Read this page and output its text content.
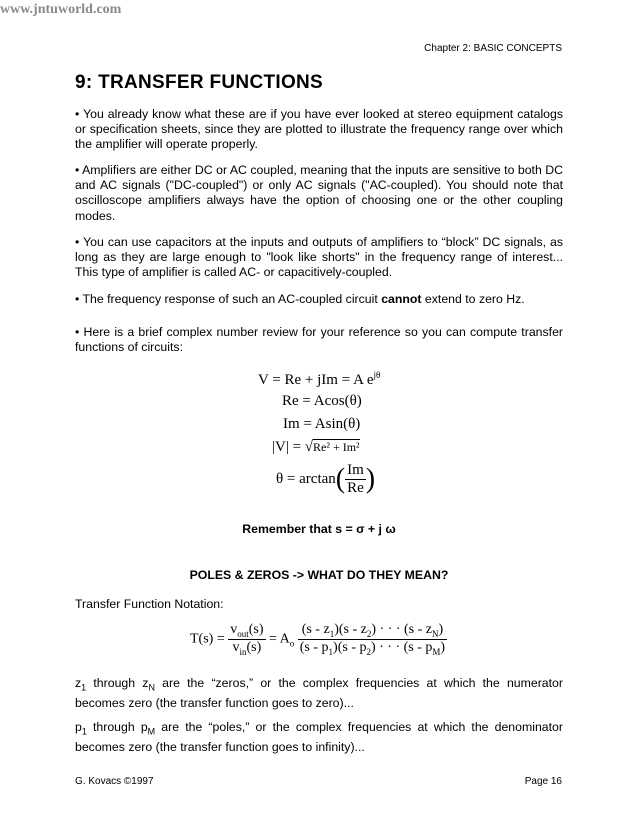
www.jntuworld.com
Chapter 2: BASIC CONCEPTS
9: TRANSFER FUNCTIONS

• You already know what these are if you have ever looked at stereo equipment catalogs or specification sheets, since they are plotted to illustrate the frequency range over which the amplifier will operate properly.

• Amplifiers are either DC or AC coupled, meaning that the inputs are sensitive to both DC and AC signals ("DC-coupled") or only AC signals ("AC-coupled). You should note that oscilloscope amplifiers always have the option of choosing one or the other coupling modes.

• You can use capacitors at the inputs and outputs of amplifiers to “block” DC signals, as long as they are large enough to "look like shorts" in the frequency range of interest... This type of amplifier is called AC- or capacitively-coupled.

• The frequency response of such an AC-coupled circuit cannot extend to zero Hz.

• Here is a brief complex number review for your reference so you can compute transfer functions of circuits:

V = Re + jIm = A $e^{j\theta}$
Re = Acos(θ)
Im = Asin(θ)
|V| = √Re² + Im²
$\theta = \arctan( \frac{Im}{Re}$ )
Remember that s = σ + j ω
POLES & ZEROS -> WHAT DO THEY MEAN?
Transfer Function Notation:
$T(s) = \frac{v_{out}(s)}{v_{in}(s)} = A_o \frac{(s - z_1)(s - z_2) \cdot \cdot \cdot (s - z_N)}{(s - p_1)(s - p_2) \cdot \cdot \cdot (s - p_M)}$

$z_1$ through $z_N$ are the “zeros,” or the complex frequencies at which the numerator becomes zero (the transfer function goes to zero)...

$p_1$ through $p_M$ are the “poles,” or the complex frequencies at which the denominator becomes zero (the transfer function goes to infinity)...

G. Kovacs ©1997	Page 16
